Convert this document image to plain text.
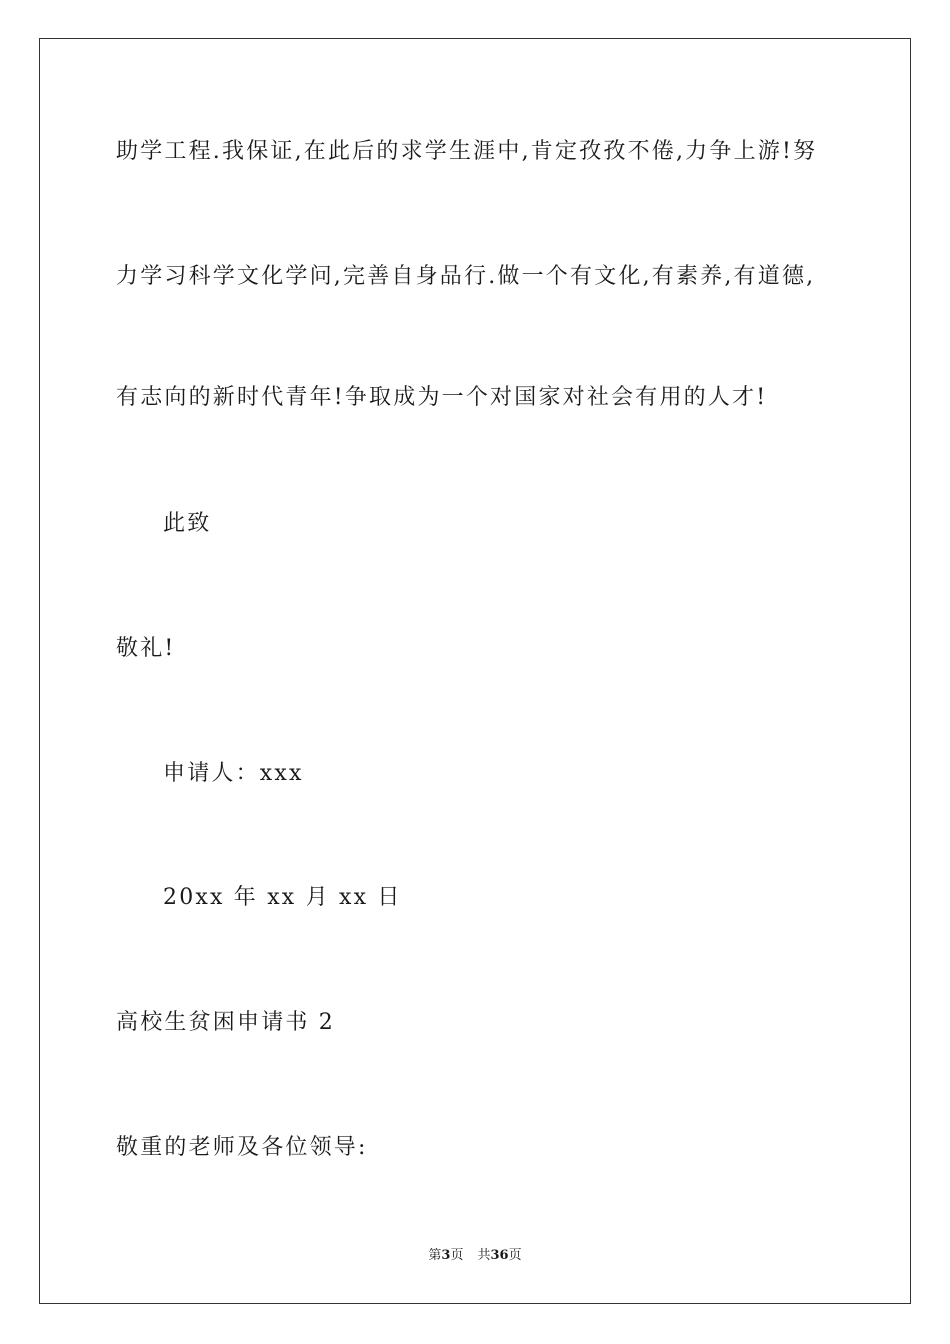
助学工程.我保证,在此后的求学生涯中,肯定孜孜不倦,力争上游!努
力学习科学文化学问,完善自身品行.做一个有文化,有素养,有道德,
有志向的新时代青年!争取成为一个对国家对社会有用的人才!
此致
敬礼!
申请人：xxx
20xx 年 xx 月 xx 日
高校生贫困申请书 2
敬重的老师及各位领导:
第3页 共36页
